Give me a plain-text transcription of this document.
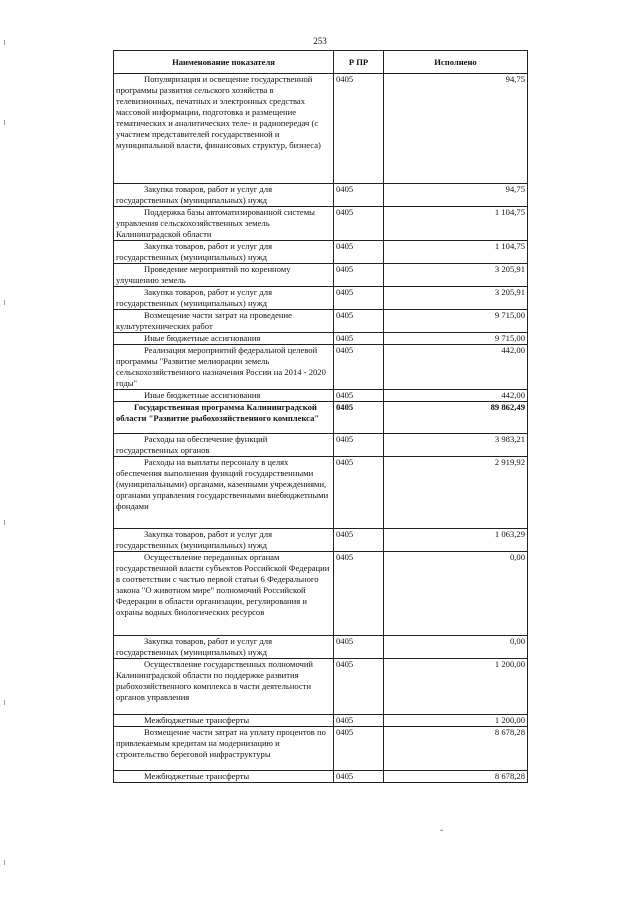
253
Наименование показателя	Р ПР	Исполнено
Популяризация и освещение государственной программы развития сельского хозяйства в телевизионных, печатных и электронных средствах массовой информации, подготовка и размещение тематических и аналитических теле- и радиопередач (с участием представителей государственной и муниципальной власти, финансовых структур, бизнеса)	0405	94,75
Закупка товаров, работ и услуг для государственных (муниципальных) нужд	0405	94,75
Поддержка базы автоматизированной системы управления сельскохозяйственных земель Калининградской области	0405	1 104,75
Закупка товаров, работ и услуг для государственных (муниципальных) нужд	0405	1 104,75
Проведение мероприятий по коренному улучшению земель	0405	3 205,91
Закупка товаров, работ и услуг для государственных (муниципальных) нужд	0405	3 205,91
Возмещение части затрат на проведение культуртехнических работ	0405	9 715,00
Иные бюджетные ассигнования	0405	9 715,00
Реализация мероприятий федеральной целевой программы "Развитие мелиорации земель сельскохозяйственного назначения России на 2014 - 2020 годы"	0405	442,00
Иные бюджетные ассигнования	0405	442,00
Государственная программа Калининградской области "Развитие рыбохозяйственного комплекса"	0405	89 862,49
Расходы на обеспечение функций государственных органов	0405	3 983,21
Расходы на выплаты персоналу в целях обеспечения выполнения функций государственными (муниципальными) органами, казенными учреждениями, органами управления государственными внебюджетными фондами	0405	2 919,92
Закупка товаров, работ и услуг для государственных (муниципальных) нужд	0405	1 063,29
Осуществление переданных органам государственной власти субъектов Российской Федерации в соответствии с частью первой статьи 6 Федерального закона "О животном мире" полномочий Российской Федерации в области организации, регулирования и охраны водных биологических ресурсов	0405	0,00
Закупка товаров, работ и услуг для государственных (муниципальных) нужд	0405	0,00
Осуществление государственных полномочий Калининградской области по поддержке развития рыбохозяйственного комплекса в части деятельности органов управления	0405	1 200,00
Межбюджетные трансферты	0405	1 200,00
Возмещение части затрат на уплату процентов по привлекаемым кредитам на модернизацию и строительство береговой инфраструктуры	0405	8 678,28
Межбюджетные трансферты	0405	8 678,28
ˇ
